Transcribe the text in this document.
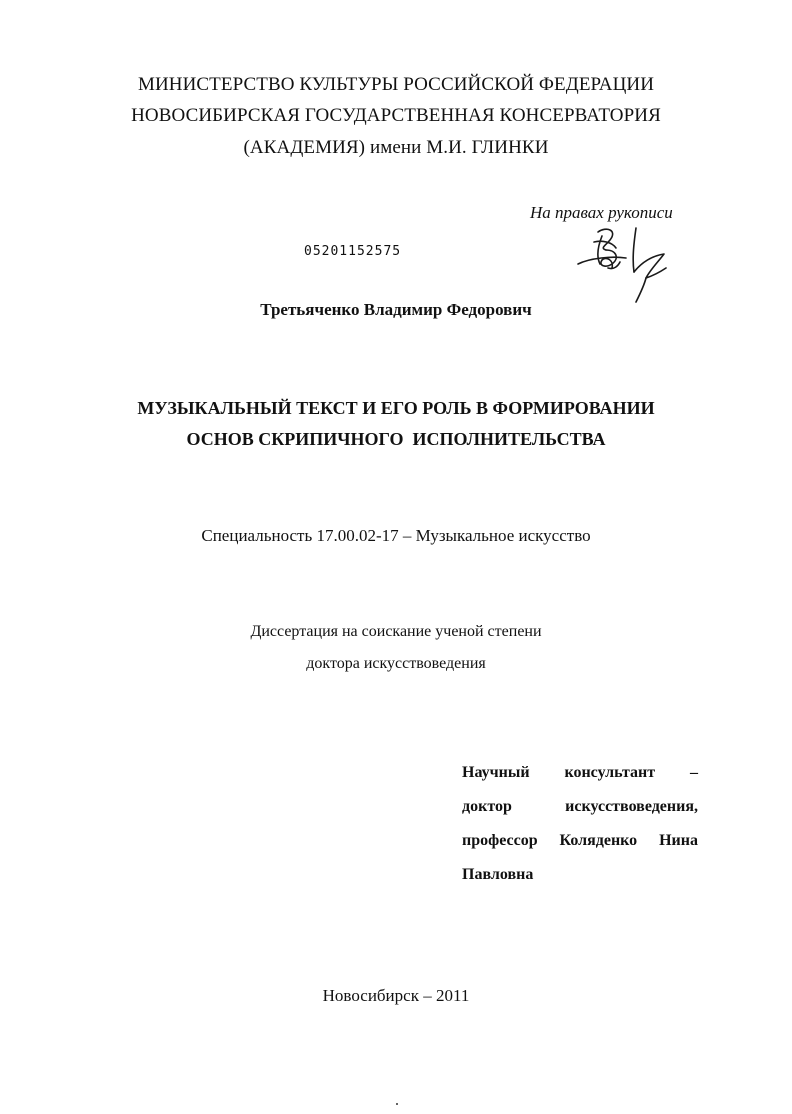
МИНИСТЕРСТВО КУЛЬТУРЫ РОССИЙСКОЙ ФЕДЕРАЦИИ
НОВОСИБИРСКАЯ ГОСУДАРСТВЕННАЯ КОНСЕРВАТОРИЯ
(АКАДЕМИЯ) имени М.И. ГЛИНКИ
На правах рукописи
05201152575
Третьяченко Владимир Федорович
МУЗЫКАЛЬНЫЙ ТЕКСТ И ЕГО РОЛЬ В ФОРМИРОВАНИИ
ОСНОВ СКРИПИЧНОГО  ИСПОЛНИТЕЛЬСТВА
Специальность 17.00.02-17 – Музыкальное искусство
Диссертация на соискание ученой степени
доктора искусствоведения
Научный консультант –
доктор искусствоведения,
профессор Коляденко Нина
Павловна
Новосибирск – 2011
